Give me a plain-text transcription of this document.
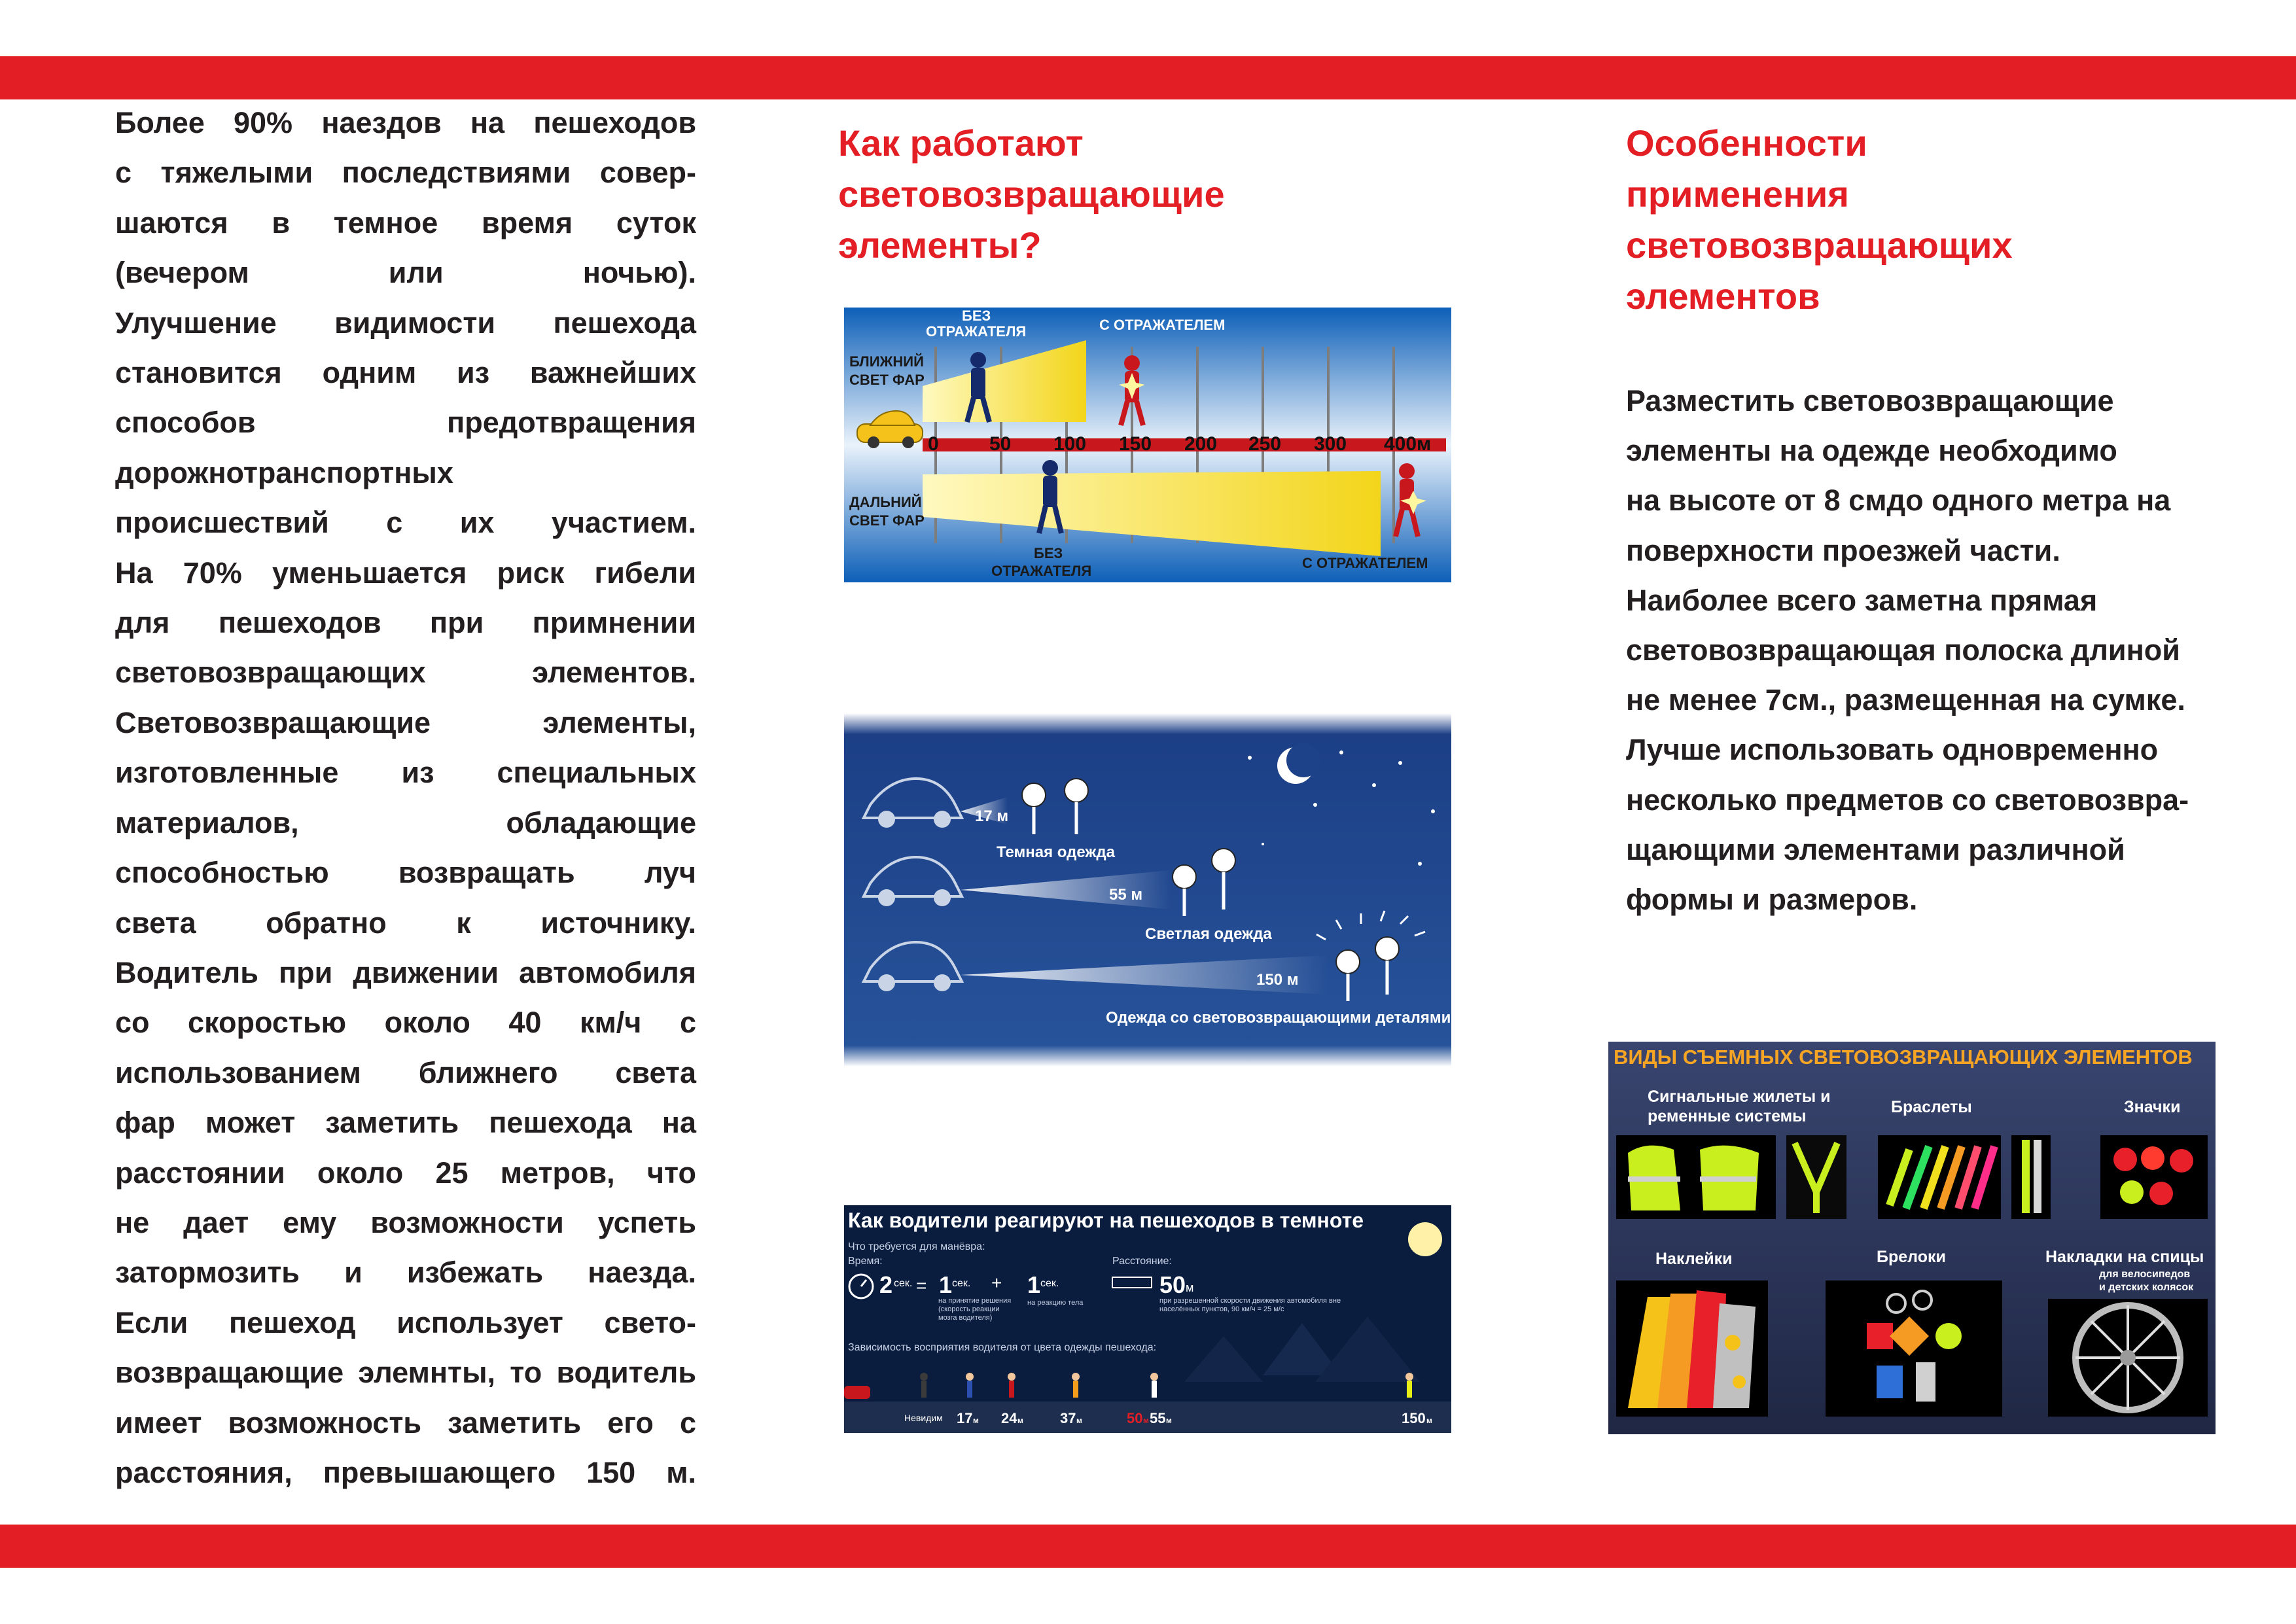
Более 90% наездов на пешеходов
с тяжелыми последствиями совер-
шаются в темное время суток
(вечером или ночью).
Улучшение видимости пешехода
становится одним из важнейших
способов предотвращения
дорожнотранспортных
происшествий с их участием.
На 70% уменьшается риск гибели
для пешеходов при примнении
световозвращающих элементов.
Световозвращающие элементы,
изготовленные из специальных
материалов, обладающие
способностью возвращать луч
света обратно к источнику.
Водитель при движении автомобиля
со скоростью около 40 км/ч с
использованием ближнего света
фар может заметить пешехода на
расстоянии около 25 метров, что
не дает ему возможности успеть
затормозить и избежать наезда.
Если пешеход использует свето-
возвращающие элемнты, то водитель
имеет возможность заметить его с
расстояния, превышающего 150 м.
Как работают
световозвращающие
элементы?
0	50 100 150 200 250 300 400м
БЛИЖНИЙ
СВЕТ ФАР
ДАЛЬНИЙ
СВЕТ ФАР
БЕЗ
ОТРАЖАТЕЛЯ	С ОТРАЖАТЕЛЕМ
БЕЗ
ОТРАЖАТЕЛЯ	С ОТРАЖАТЕЛЕМ
17 м
Темная одежда
55 м
Светлая одежда
150 м
Одежда со световозвращающими деталями
Как водители реагируют на пешеходов в темноте
Что требуется для манёвра:
Время:
2 сек. = 1 сек. + 1 сек.
на принятие решения (скорость реакции мозга водителя)
на реакцию тела
Расстояние:
50 м
при разрешенной скорости движения автомобиля вне населённых пунктов, 90 км/ч = 25 м/с
Зависимость восприятия водителя от цвета одежды пешехода:
Невидим 17 м 24 м	37 м	50 м 55 м	150 м
Особенности
применения
световозвращающих
элементов
Разместить световозвращающие
элементы на одежде необходимо
на высоте от 8 смдо одного метра на
поверхности проезжей части.
Наиболее всего заметна прямая
световозвращающая полоска длиной
не менее 7см., размещенная на сумке.
Лучше использовать одновременно
несколько предметов со световозвра-
щающими элементами различной
формы и размеров.
ВИДЫ СЪЕМНЫХ СВЕТОВОЗВРАЩАЮЩИХ ЭЛЕМЕНТОВ
Сигнальные жилеты и
ременные системы	Браслеты	Значки
Наклейки	Брелоки	Накладки на спицы
для велосипедов
и детских колясок
